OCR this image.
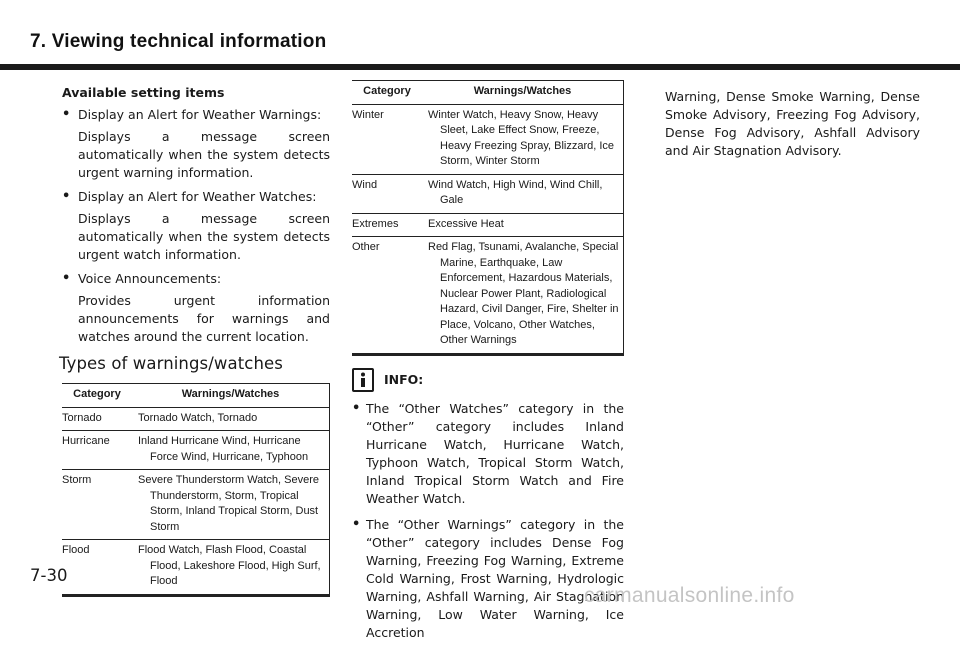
7. Viewing technical information
Available setting items
• Display an Alert for Weather Warnings:
Displays a message screen automatically when the system detects urgent warning information.
• Display an Alert for Weather Watches:
Displays a message screen automatically when the system detects urgent watch information.
• Voice Announcements:
Provides urgent information announcements for warnings and watches around the current location.
Types of warnings/watches
Category	Warnings/Watches
Tornado	Tornado Watch, Tornado

Hurricane	Inland Hurricane Wind, Hurricane Force Wind, Hurricane, Typhoon

Storm	Severe Thunderstorm Watch, Severe Thunderstorm, Storm, Tropical Storm, Inland Tropical Storm, Dust Storm

Flood	Flood Watch, Flash Flood, Coastal Flood, Lakeshore Flood, High Surf, Flood
Category	Warnings/Watches
Winter	Winter Watch, Heavy Snow, Heavy Sleet, Lake Effect Snow, Freeze, Heavy Freezing Spray, Blizzard, Ice Storm, Winter Storm

Wind	Wind Watch, High Wind, Wind Chill, Gale

Extremes	Excessive Heat

Other	Red Flag, Tsunami, Avalanche, Special Marine, Earthquake, Law Enforcement, Hazardous Materials, Nuclear Power Plant, Radiological Hazard, Civil Danger, Fire, Shelter in Place, Volcano, Other Watches, Other Warnings
INFO:
• The “Other Watches” category in the “Other” category includes Inland Hurricane Watch, Hurricane Watch, Typhoon Watch, Tropical Storm Watch, Inland Tropical Storm Watch and Fire Weather Watch.
• The “Other Warnings” category in the “Other” category includes Dense Fog Warning, Freezing Fog Warning, Extreme Cold Warning, Frost Warning, Hydrologic Warning, Ashfall Warning, Air Stagnation Warning, Low Water Warning, Ice Accretion
Warning, Dense Smoke Warning, Dense Smoke Advisory, Freezing Fog Advisory, Dense Fog Advisory, Ashfall Advisory and Air Stagnation Advisory.
7-30
carmanualsonline.info
